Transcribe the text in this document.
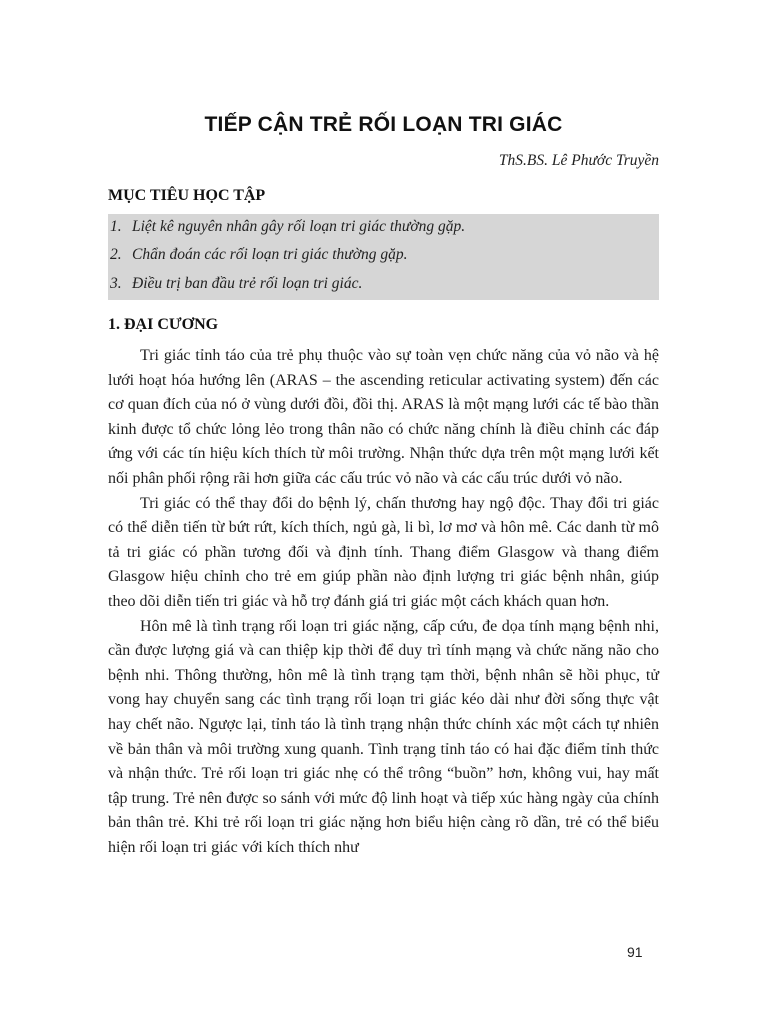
TIẾP CẬN TRẺ RỐI LOẠN TRI GIÁC
ThS.BS. Lê Phước Truyền
MỤC TIÊU HỌC TẬP
1. Liệt kê nguyên nhân gây rối loạn tri giác thường gặp.
2. Chẩn đoán các rối loạn tri giác thường gặp.
3. Điều trị ban đầu trẻ rối loạn tri giác.
1. ĐẠI CƯƠNG

Tri giác tỉnh táo của trẻ phụ thuộc vào sự toàn vẹn chức năng của vỏ não và hệ lưới hoạt hóa hướng lên (ARAS – the ascending reticular activating system) đến các cơ quan đích của nó ở vùng dưới đồi, đồi thị. ARAS là một mạng lưới các tế bào thần kinh được tổ chức lỏng lẻo trong thân não có chức năng chính là điều chỉnh các đáp ứng với các tín hiệu kích thích từ môi trường. Nhận thức dựa trên một mạng lưới kết nối phân phối rộng rãi hơn giữa các cấu trúc vỏ não và các cấu trúc dưới vỏ não.

Tri giác có thể thay đổi do bệnh lý, chấn thương hay ngộ độc. Thay đổi tri giác có thể diễn tiến từ bứt rứt, kích thích, ngủ gà, li bì, lơ mơ và hôn mê. Các danh từ mô tả tri giác có phần tương đối và định tính. Thang điểm Glasgow và thang điểm Glasgow hiệu chỉnh cho trẻ em giúp phần nào định lượng tri giác bệnh nhân, giúp theo dõi diễn tiến tri giác và hỗ trợ đánh giá tri giác một cách khách quan hơn.

Hôn mê là tình trạng rối loạn tri giác nặng, cấp cứu, đe dọa tính mạng bệnh nhi, cần được lượng giá và can thiệp kịp thời để duy trì tính mạng và chức năng não cho bệnh nhi. Thông thường, hôn mê là tình trạng tạm thời, bệnh nhân sẽ hồi phục, tử vong hay chuyển sang các tình trạng rối loạn tri giác kéo dài như đời sống thực vật hay chết não. Ngược lại, tỉnh táo là tình trạng nhận thức chính xác một cách tự nhiên về bản thân và môi trường xung quanh. Tình trạng tỉnh táo có hai đặc điểm tỉnh thức và nhận thức. Trẻ rối loạn tri giác nhẹ có thể trông “buồn” hơn, không vui, hay mất tập trung. Trẻ nên được so sánh với mức độ linh hoạt và tiếp xúc hàng ngày của chính bản thân trẻ. Khi trẻ rối loạn tri giác nặng hơn biểu hiện càng rõ dần, trẻ có thể biểu hiện rối loạn tri giác với kích thích như

91
